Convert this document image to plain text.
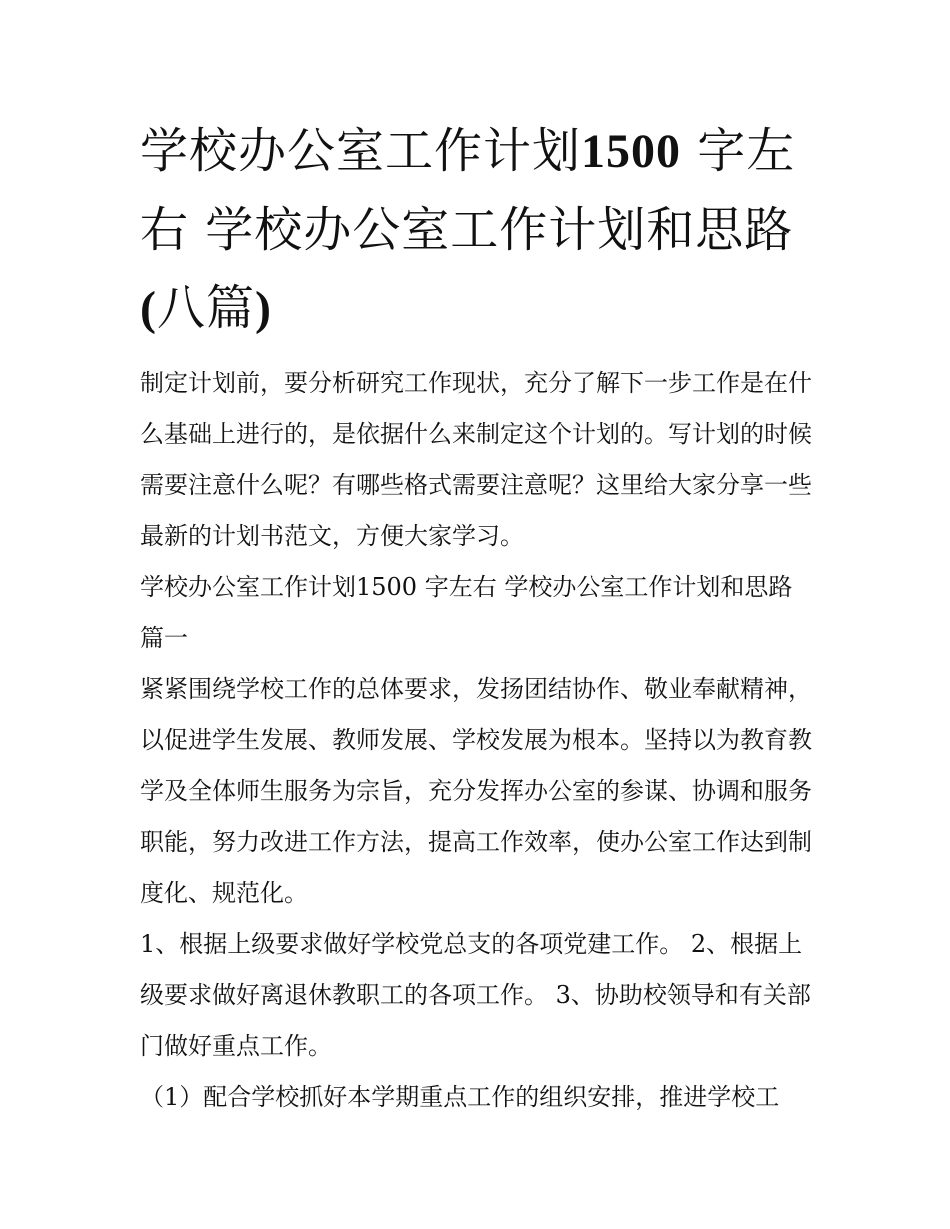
学校办公室工作计划1500 字左右 学校办公室工作计划和思路
(八篇)

制定计划前，要分析研究工作现状，充分了解下一步工作是在什么基础上进行的，是依据什么来制定这个计划的。写计划的时候需要注意什么呢？有哪些格式需要注意呢？这里给大家分享一些最新的计划书范文，方便大家学习。

学校办公室工作计划1500 字左右 学校办公室工作计划和思路篇一

紧紧围绕学校工作的总体要求，发扬团结协作、敬业奉献精神，以促进学生发展、教师发展、学校发展为根本。坚持以为教育教学及全体师生服务为宗旨，充分发挥办公室的参谋、协调和服务职能，努力改进工作方法，提高工作效率，使办公室工作达到制度化、规范化。

1、根据上级要求做好学校党总支的各项党建工作。 2、根据上级要求做好离退休教职工的各项工作。 3、协助校领导和有关部门做好重点工作。

（1）配合学校抓好本学期重点工作的组织安排，推进学校工
